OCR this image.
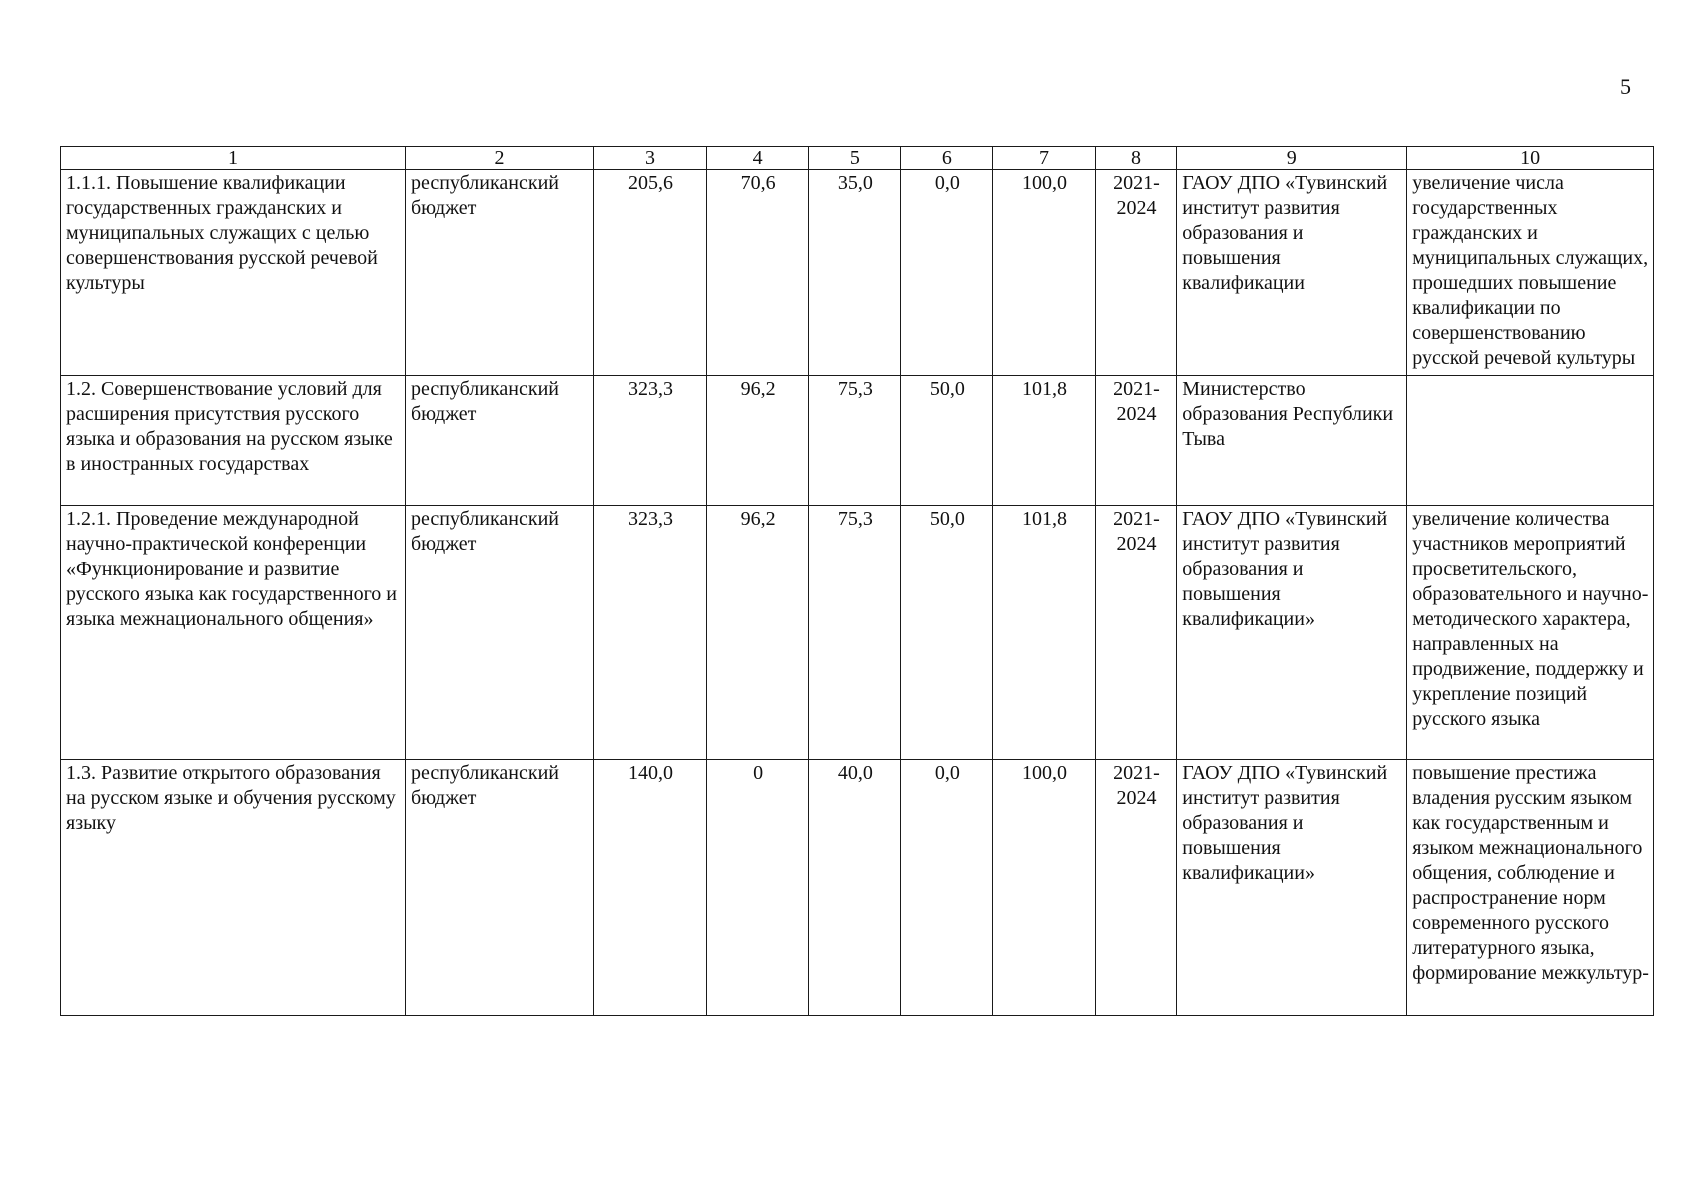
5
1	2	3	4	5	6	7	8	9	10
1.1.1. Повышение квалификации государственных гражданских и муниципальных служащих с целью совершенствования русской речевой культуры	республиканский бюджет	205,6	70,6	35,0	0,0	100,0	2021-2024	ГАОУ ДПО «Тувинский институт развития образования и повышения квалификации	увеличение числа государственных гражданских и муниципальных служащих, прошедших повышение квалификации по совершенствованию русской речевой культуры
1.2. Совершенствование условий для расширения присутствия русского языка и образования на русском языке в иностранных государствах	республиканский бюджет	323,3	96,2	75,3	50,0	101,8	2021-2024	Министерство образования Республики Тыва	
1.2.1. Проведение международной научно-практической конференции «Функционирование и развитие русского языка как государственного и языка межнационального общения»	республиканский бюджет	323,3	96,2	75,3	50,0	101,8	2021-2024	ГАОУ ДПО «Тувинский институт развития образования и повышения квалификации»	увеличение количества участников мероприятий просветительского, образовательного и научно-методического характера, направленных на продвижение, поддержку и укрепление позиций русского языка
1.3. Развитие открытого образования на русском языке и обучения русскому языку	республиканский бюджет	140,0	0	40,0	0,0	100,0	2021-2024	ГАОУ ДПО «Тувинский институт развития образования и повышения квалификации»	повышение престижа владения русским языком как государственным и языком межнационального общения, соблюдение и распространение норм современного русского литературного языка, формирование межкультур-
